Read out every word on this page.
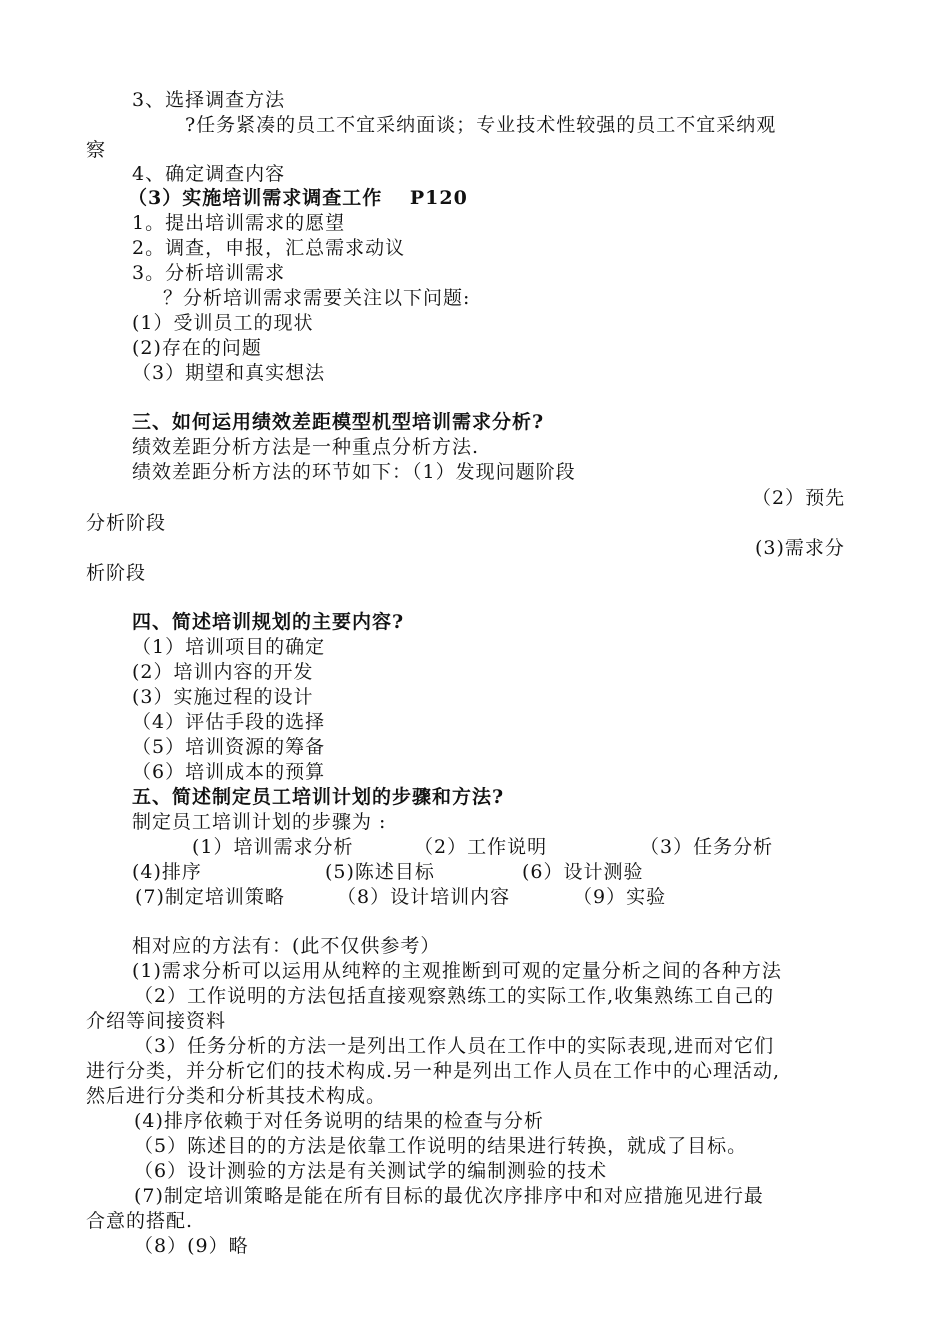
3、选择调查方法
?任务紧凑的员工不宜采纳面谈；专业技术性较强的员工不宜采纳观
察
4、确定调查内容
（3）实施培训需求调查工作　 P120
1。提出培训需求的愿望
2。调查，申报，汇总需求动议
3。分析培训需求
？分析培训需求需要关注以下问题:
(1）受训员工的现状
(2)存在的问题
（3）期望和真实想法
三、如何运用绩效差距模型机型培训需求分析?
绩效差距分析方法是一种重点分析方法.
绩效差距分析方法的环节如下：（1）发现问题阶段
（2）预先
分析阶段
(3)需求分
析阶段
四、简述培训规划的主要内容?
（1）培训项目的确定
(2）培训内容的开发
(3）实施过程的设计
（4）评估手段的选择
（5）培训资源的筹备
（6）培训成本的预算
五、简述制定员工培训计划的步骤和方法?
制定员工培训计划的步骤为 :
(1）培训需求分析	（2）工作说明	（3）任务分析
(4)排序	(5)陈述目标	(6）设计测验
(7)制定培训策略	（8）设计培训内容	（9）实验
相对应的方法有：(此不仅供参考）
(1)需求分析可以运用从纯粹的主观推断到可观的定量分析之间的各种方法
（2）工作说明的方法包括直接观察熟练工的实际工作,收集熟练工自己的
介绍等间接资料
（3）任务分析的方法一是列出工作人员在工作中的实际表现,进而对它们
进行分类，并分析它们的技术构成.另一种是列出工作人员在工作中的心理活动,
然后进行分类和分析其技术构成。
(4)排序依赖于对任务说明的结果的检查与分析
（5）陈述目的的方法是依靠工作说明的结果进行转换，就成了目标。
（6）设计测验的方法是有关测试学的编制测验的技术
(7)制定培训策略是能在所有目标的最优次序排序中和对应措施见进行最
合意的搭配.
（8）(9）略
